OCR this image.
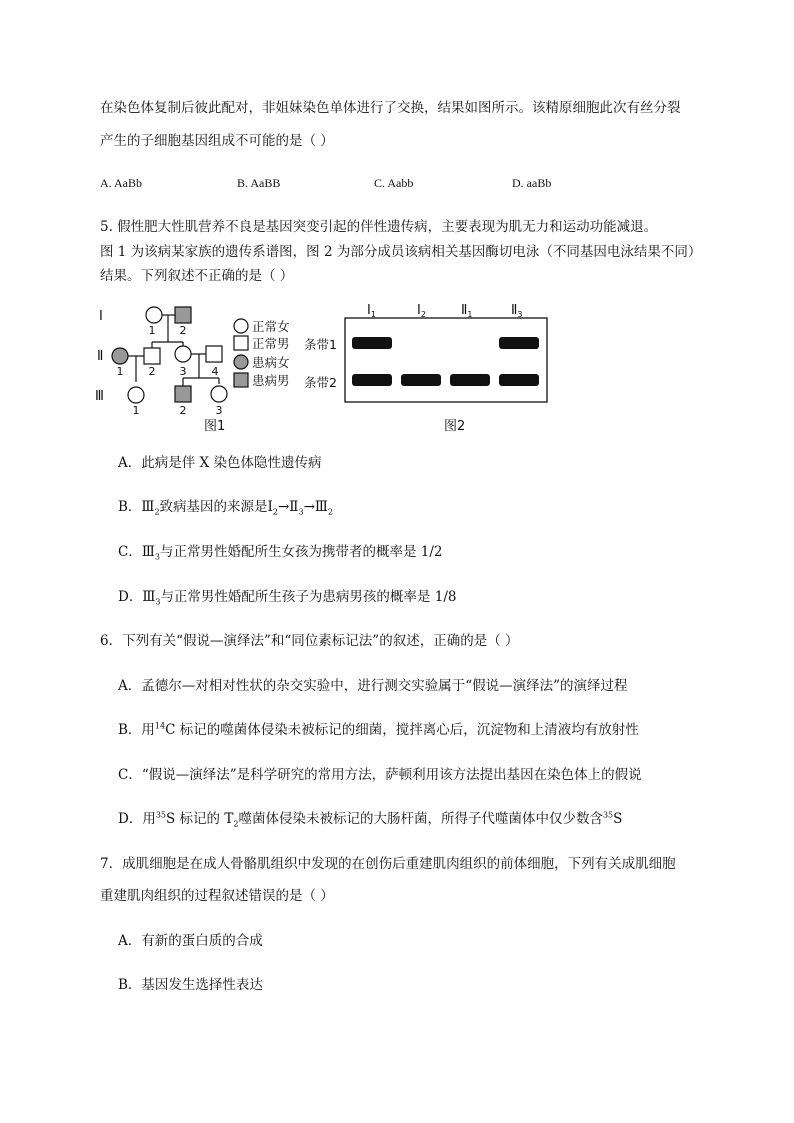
在染色体复制后彼此配对，非姐妹染色单体进行了交换，结果如图所示。该精原细胞此次有丝分裂
产生的子细胞基因组成不可能的是（ ）
A. AaBb	B. AaBB	C. Aabb	D. aaBb
5. 假性肥大性肌营养不良是基因突变引起的伴性遗传病，主要表现为肌无力和运动功能减退。
图 1 为该病某家族的遗传系谱图，图 2 为部分成员该病相关基因酶切电泳（不同基因电泳结果不同）
结果。下列叙述不正确的是（ ）
Ⅰ
Ⅱ
Ⅲ
1 2
1 2 3 4
1	2	3
正常女
正常男
患病女
患病男
图1
$Ⅰ_1$	$Ⅰ_2$	$Ⅱ_1$	$Ⅱ_3$
条带1
条带2
图2
A．此病是伴 X 染色体隐性遗传病
B．$Ⅲ_2$致病基因的来源是$Ⅰ_2\to Ⅱ_3\to Ⅲ_2$
C．$Ⅲ_3$与正常男性婚配所生女孩为携带者的概率是 1/2
D．$Ⅲ_3$与正常男性婚配所生孩子为患病男孩的概率是 1/8
6．下列有关“假说—演绎法”和“同位素标记法”的叙述，正确的是（ ）
A．孟德尔—对相对性状的杂交实验中，进行测交实验属于“假说—演绎法”的演绎过程
B．用$^{14}$C 标记的噬菌体侵染未被标记的细菌，搅拌离心后，沉淀物和上清液均有放射性
C．“假说—演绎法”是科学研究的常用方法，萨顿利用该方法提出基因在染色体上的假说
D．用$^{35}$S 标记的 $T_2$噬菌体侵染未被标记的大肠杆菌，所得子代噬菌体中仅少数含$^{35}$S
7．成肌细胞是在成人骨骼肌组织中发现的在创伤后重建肌肉组织的前体细胞，下列有关成肌细胞
重建肌肉组织的过程叙述错误的是（ ）
A．有新的蛋白质的合成
B．基因发生选择性表达
